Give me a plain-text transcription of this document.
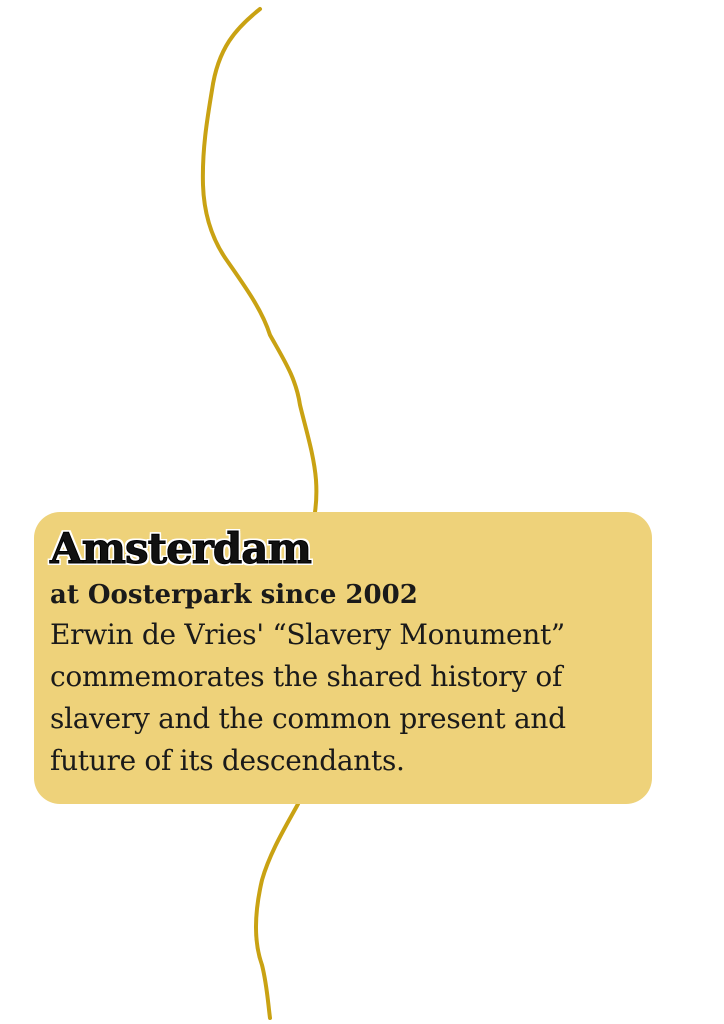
Amsterdam

at Oosterpark since 2002

Erwin de Vries' “Slavery Monument” commemorates the shared history of slavery and the common present and future of its descendants.
